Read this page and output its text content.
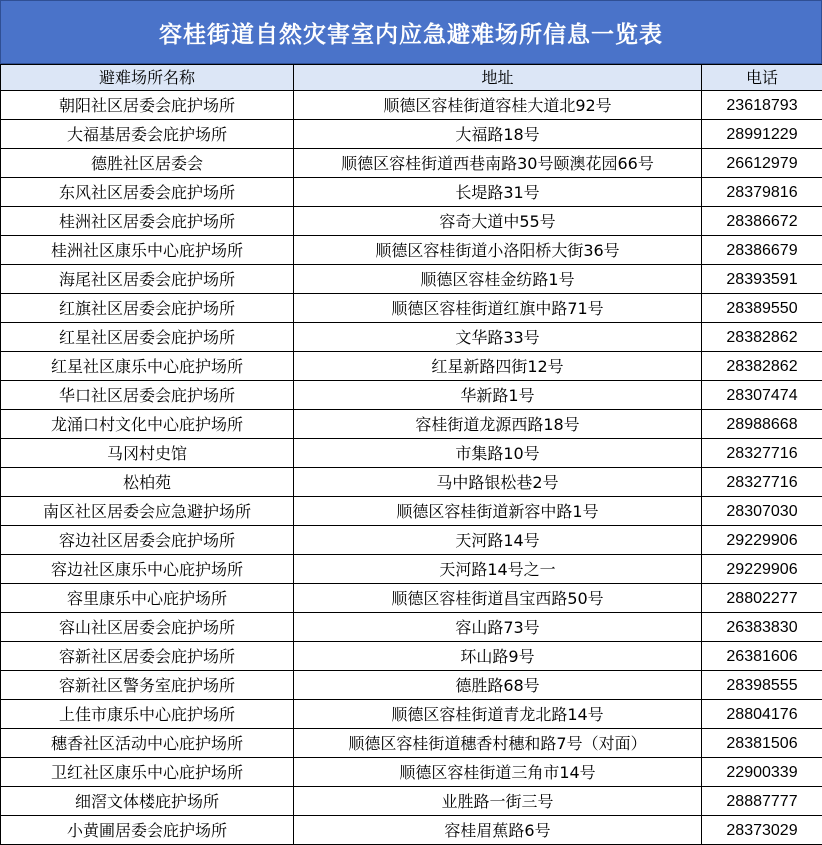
容桂街道自然灾害室内应急避难场所信息一览表
避难场所名称	地址	电话
朝阳社区居委会庇护场所	顺德区容桂街道容桂大道北92号	23618793
大福基居委会庇护场所	大福路18号	28991229
德胜社区居委会	顺德区容桂街道西巷南路30号颐澳花园66号	26612979
东风社区居委会庇护场所	长堤路31号	28379816
桂洲社区居委会庇护场所	容奇大道中55号	28386672
桂洲社区康乐中心庇护场所	顺德区容桂街道小洛阳桥大街36号	28386679
海尾社区居委会庇护场所	顺德区容桂金纺路1号	28393591
红旗社区居委会庇护场所	顺德区容桂街道红旗中路71号	28389550
红星社区居委会庇护场所	文华路33号	28382862
红星社区康乐中心庇护场所	红星新路四街12号	28382862
华口社区居委会庇护场所	华新路1号	28307474
龙涌口村文化中心庇护场所	容桂街道龙源西路18号	28988668
马冈村史馆	市集路10号	28327716
松柏苑	马中路银松巷2号	28327716
南区社区居委会应急避护场所	顺德区容桂街道新容中路1号	28307030
容边社区居委会庇护场所	天河路14号	29229906
容边社区康乐中心庇护场所	天河路14号之一	29229906
容里康乐中心庇护场所	顺德区容桂街道昌宝西路50号	28802277
容山社区居委会庇护场所	容山路73号	26383830
容新社区居委会庇护场所	环山路9号	26381606
容新社区警务室庇护场所	德胜路68号	28398555
上佳市康乐中心庇护场所	顺德区容桂街道青龙北路14号	28804176
穗香社区活动中心庇护场所	顺德区容桂街道穗香村穗和路7号（对面）	28381506
卫红社区康乐中心庇护场所	顺德区容桂街道三角市14号	22900339
细滘文体楼庇护场所	业胜路一街三号	28887777
小黄圃居委会庇护场所	容桂眉蕉路6号	28373029
